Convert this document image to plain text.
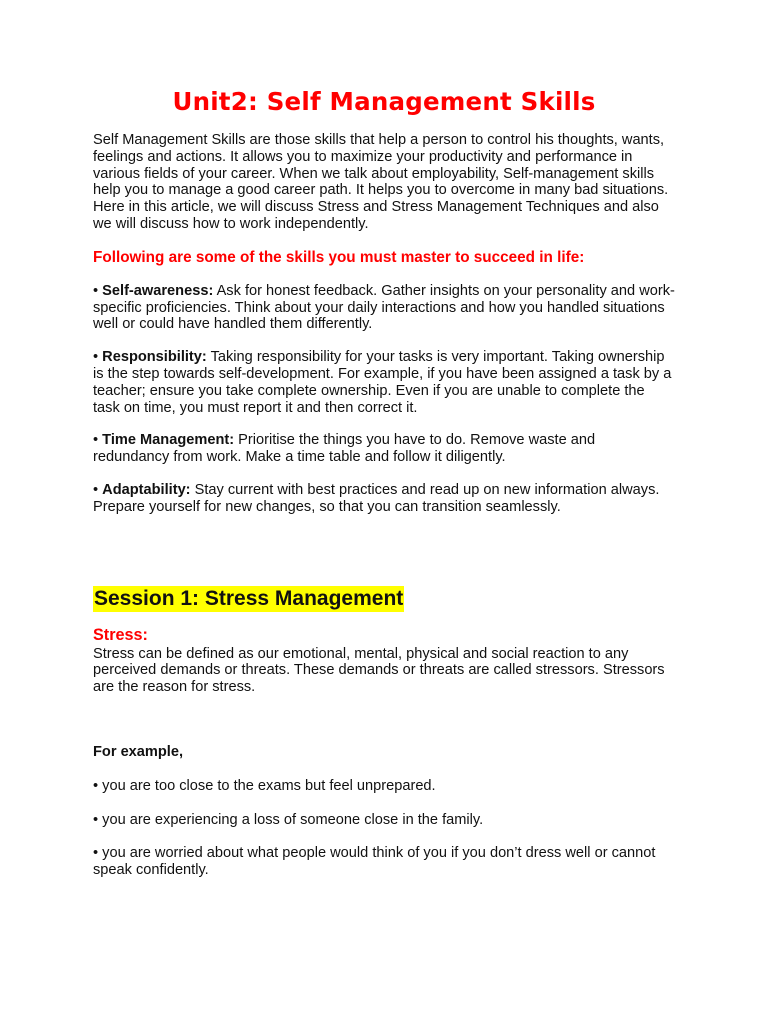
Unit2: Self Management Skills

Self Management Skills are those skills that help a person to control his thoughts, wants, feelings and actions. It allows you to maximize your productivity and performance in various fields of your career. When we talk about employability, Self-management skills help you to manage a good career path. It helps you to overcome in many bad situations. Here in this article, we will discuss Stress and Stress Management Techniques and also we will discuss how to work independently.

Following are some of the skills you must master to succeed in life:

• Self-awareness: Ask for honest feedback. Gather insights on your personality and work-specific proficiencies. Think about your daily interactions and how you handled situations well or could have handled them differently.

• Responsibility: Taking responsibility for your tasks is very important. Taking ownership is the step towards self-development. For example, if you have been assigned a task by a teacher; ensure you take complete ownership. Even if you are unable to complete the task on time, you must report it and then correct it.

• Time Management: Prioritise the things you have to do. Remove waste and redundancy from work. Make a time table and follow it diligently.

• Adaptability: Stay current with best practices and read up on new information always. Prepare yourself for new changes, so that you can transition seamlessly.

Session 1: Stress Management

Stress:

Stress can be defined as our emotional, mental, physical and social reaction to any perceived demands or threats. These demands or threats are called stressors. Stressors are the reason for stress.

For example,

• you are too close to the exams but feel unprepared.

• you are experiencing a loss of someone close in the family.

• you are worried about what people would think of you if you don’t dress well or cannot speak confidently.
